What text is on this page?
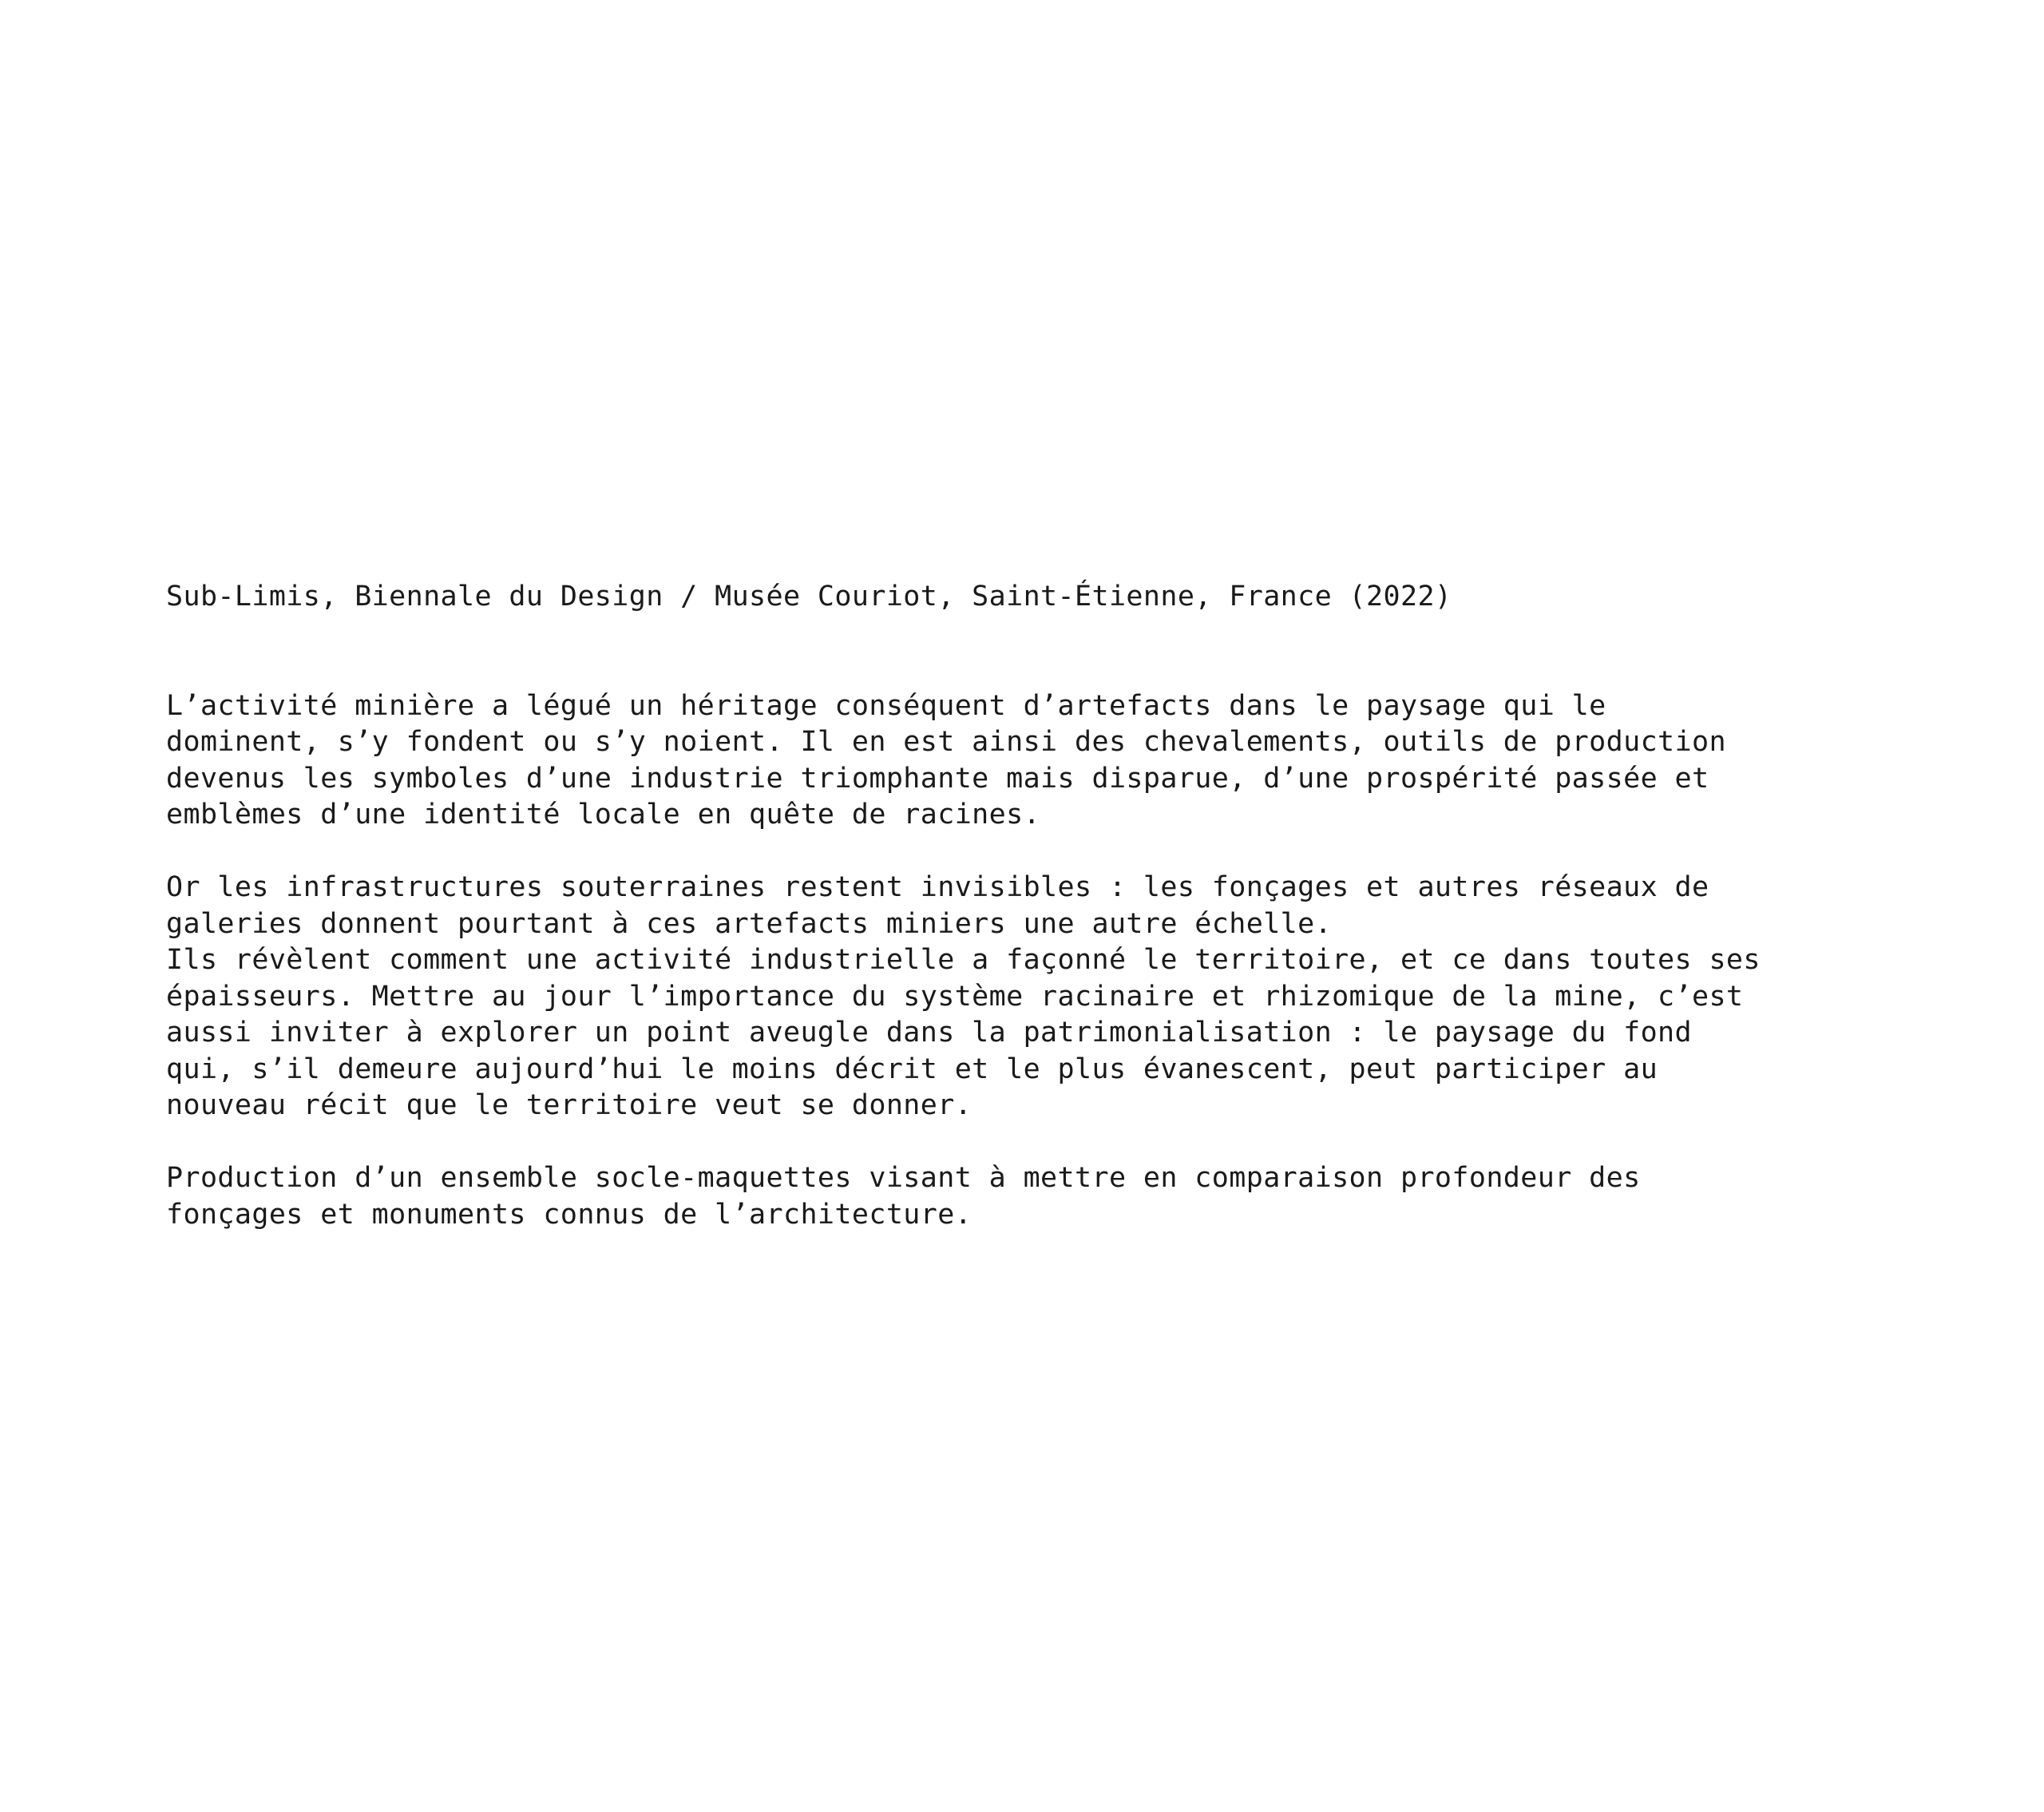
Sub-Limis, Biennale du Design / Musée Couriot, Saint-Étienne, France (2022)

L’activité minière a légué un héritage conséquent d’artefacts dans le paysage qui le
dominent, s’y fondent ou s’y noient. Il en est ainsi des chevalements, outils de production
devenus les symboles d’une industrie triomphante mais disparue, d’une prospérité passée et
emblèmes d’une identité locale en quête de racines.
Or les infrastructures souterraines restent invisibles : les fonçages et autres réseaux de
galeries donnent pourtant à ces artefacts miniers une autre échelle.
Ils révèlent comment une activité industrielle a façonné le territoire, et ce dans toutes ses
épaisseurs. Mettre au jour l’importance du système racinaire et rhizomique de la mine, c’est
aussi inviter à explorer un point aveugle dans la patrimonialisation : le paysage du fond
qui, s’il demeure aujourd’hui le moins décrit et le plus évanescent, peut participer au
nouveau récit que le territoire veut se donner.
Production d’un ensemble socle-maquettes visant à mettre en comparaison profondeur des
fonçages et monuments connus de l’architecture.
